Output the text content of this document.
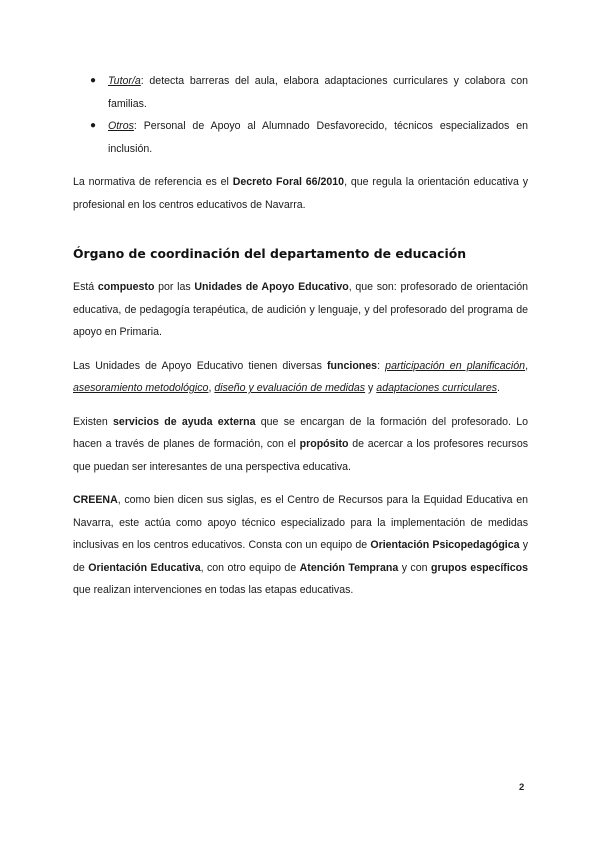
● Tutor/a: detecta barreras del aula, elabora adaptaciones curriculares y colabora con familias.
● Otros: Personal de Apoyo al Alumnado Desfavorecido, técnicos especializados en inclusión.

La normativa de referencia es el Decreto Foral 66/2010, que regula la orientación educativa y profesional en los centros educativos de Navarra.

Órgano de coordinación del departamento de educación

Está compuesto por las Unidades de Apoyo Educativo, que son: profesorado de orientación educativa, de pedagogía terapéutica, de audición y lenguaje, y del profesorado del programa de apoyo en Primaria.

Las Unidades de Apoyo Educativo tienen diversas funciones: participación en planificación, asesoramiento metodológico, diseño y evaluación de medidas y adaptaciones curriculares.

Existen servicios de ayuda externa que se encargan de la formación del profesorado. Lo hacen a través de planes de formación, con el propósito de acercar a los profesores recursos que puedan ser interesantes de una perspectiva educativa.

CREENA, como bien dicen sus siglas, es el Centro de Recursos para la Equidad Educativa en Navarra, este actúa como apoyo técnico especializado para la implementación de medidas inclusivas en los centros educativos. Consta con un equipo de Orientación Psicopedagógica y de Orientación Educativa, con otro equipo de Atención Temprana y con grupos específicos que realizan intervenciones en todas las etapas educativas.

2
